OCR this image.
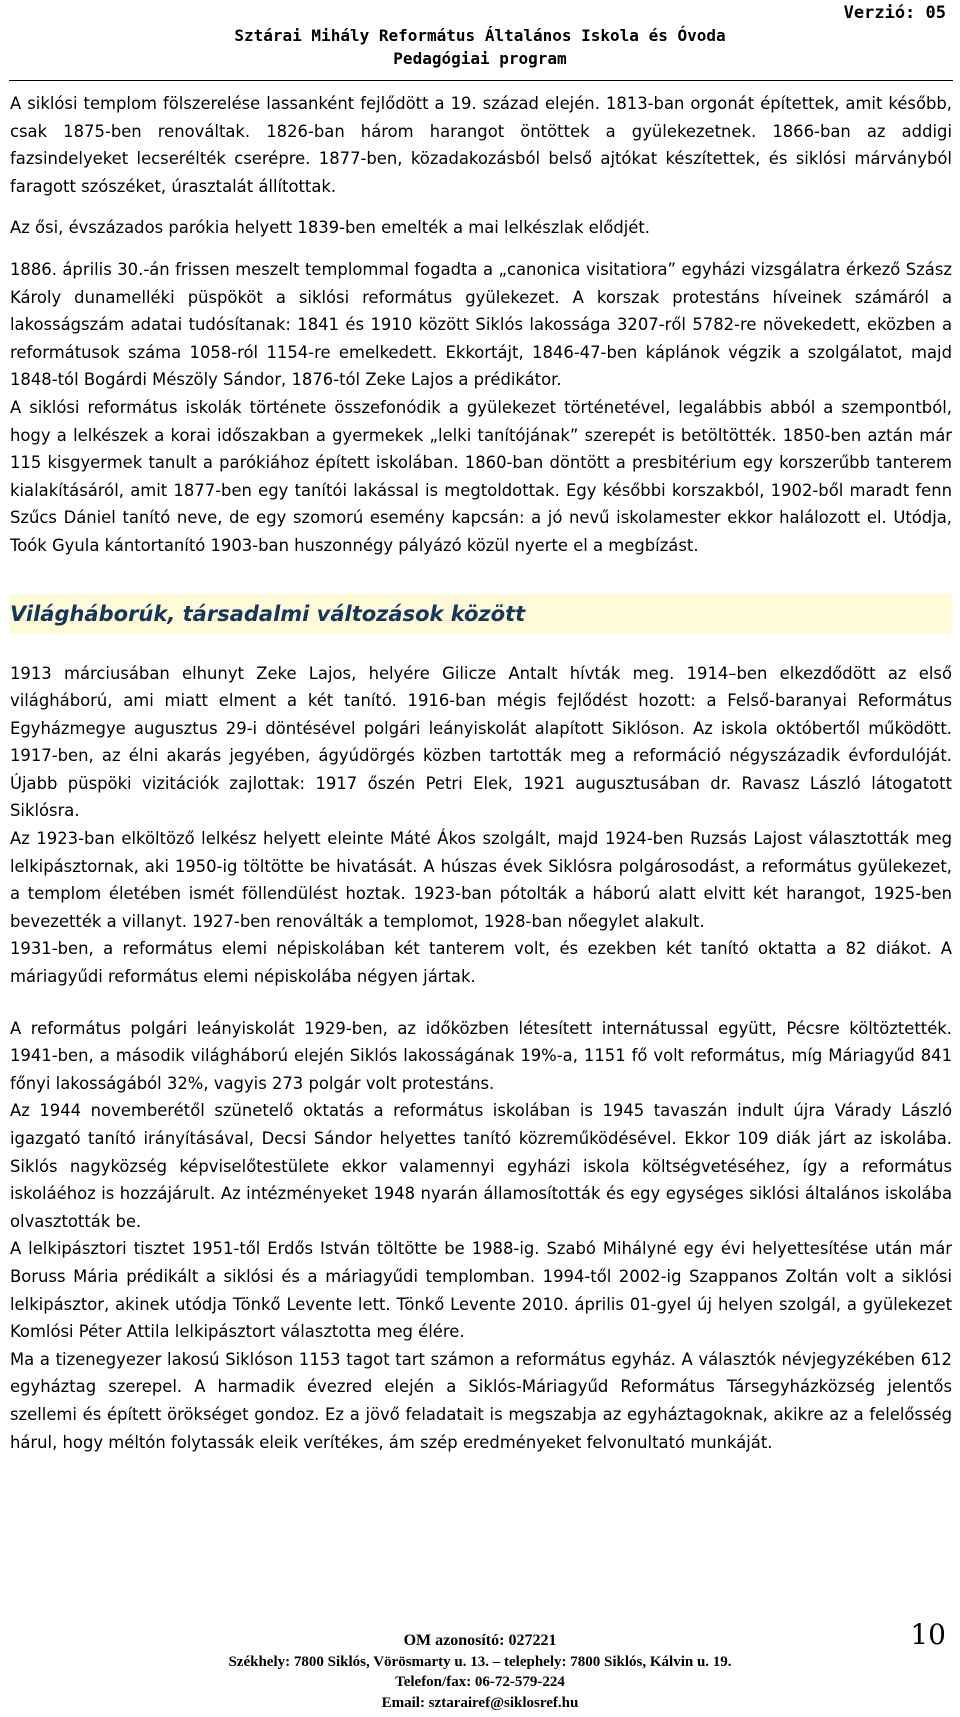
Verzió: 05
Sztárai Mihály Református Általános Iskola és Óvoda
Pedagógiai program

A siklósi templom fölszerelése lassanként fejlődött a 19. század elején. 1813-ban orgonát építettek, amit később, csak 1875-ben renováltak. 1826-ban három harangot öntöttek a gyülekezetnek. 1866-ban az addigi fazsindelyeket lecserélték cserépre. 1877-ben, közadakozásból belső ajtókat készítettek, és siklósi márványból faragott szószéket, úrasztalát állítottak.

Az ősi, évszázados parókia helyett 1839-ben emelték a mai lelkészlak elődjét.

1886. április 30.-án frissen meszelt templommal fogadta a „canonica visitatiora” egyházi vizsgálatra érkező Szász Károly dunamelléki püspököt a siklósi református gyülekezet. A korszak protestáns híveinek számáról a lakosságszám adatai tudósítanak: 1841 és 1910 között Siklós lakossága 3207-ről 5782-re növekedett, eközben a reformátusok száma 1058-ról 1154-re emelkedett. Ekkortájt, 1846-47-ben káplánok végzik a szolgálatot, majd 1848-tól Bogárdi Mészöly Sándor, 1876-tól Zeke Lajos a prédikátor.

A siklósi református iskolák története összefonódik a gyülekezet történetével, legalábbis abból a szempontból, hogy a lelkészek a korai időszakban a gyermekek „lelki tanítójának” szerepét is betöltötték. 1850-ben aztán már 115 kisgyermek tanult a parókiához épített iskolában. 1860-ban döntött a presbitérium egy korszerűbb tanterem kialakításáról, amit 1877-ben egy tanítói lakással is megtoldottak. Egy későbbi korszakból, 1902-ből maradt fenn Szűcs Dániel tanító neve, de egy szomorú esemény kapcsán: a jó nevű iskolamester ekkor halálozott el. Utódja, Toók Gyula kántortanító 1903-ban huszonnégy pályázó közül nyerte el a megbízást.

Világháborúk, társadalmi változások között

1913 márciusában elhunyt Zeke Lajos, helyére Gilicze Antalt hívták meg. 1914–ben elkezdődött az első világháború, ami miatt elment a két tanító. 1916-ban mégis fejlődést hozott: a Felső-baranyai Református Egyházmegye augusztus 29-i döntésével polgári leányiskolát alapított Siklóson. Az iskola októbertől működött. 1917-ben, az élni akarás jegyében, ágyúdörgés közben tartották meg a reformáció négyszázadik évfordulóját. Újabb püspöki vizitációk zajlottak: 1917 őszén Petri Elek, 1921 augusztusában dr. Ravasz László látogatott Siklósra.

Az 1923-ban elköltöző lelkész helyett eleinte Máté Ákos szolgált, majd 1924-ben Ruzsás Lajost választották meg lelkipásztornak, aki 1950-ig töltötte be hivatását. A húszas évek Siklósra polgárosodást, a református gyülekezet, a templom életében ismét föllendülést hoztak. 1923-ban pótolták a háború alatt elvitt két harangot, 1925-ben bevezették a villanyt. 1927-ben renoválták a templomot, 1928-ban nőegylet alakult.

1931-ben, a református elemi népiskolában két tanterem volt, és ezekben két tanító oktatta a 82 diákot. A máriagyűdi református elemi népiskolába négyen jártak.

A református polgári leányiskolát 1929-ben, az időközben létesített internátussal együtt, Pécsre költöztették. 1941-ben, a második világháború elején Siklós lakosságának 19%-a, 1151 fő volt református, míg Máriagyűd 841 főnyi lakosságából 32%, vagyis 273 polgár volt protestáns.

Az 1944 novemberétől szünetelő oktatás a református iskolában is 1945 tavaszán indult újra Várady László igazgató tanító irányításával, Decsi Sándor helyettes tanító közreműködésével. Ekkor 109 diák járt az iskolába. Siklós nagyközség képviselőtestülete ekkor valamennyi egyházi iskola költségvetéséhez, így a református iskoláéhoz is hozzájárult. Az intézményeket 1948 nyarán államosították és egy egységes siklósi általános iskolába olvasztották be.

A lelkipásztori tisztet 1951-től Erdős István töltötte be 1988-ig. Szabó Mihályné egy évi helyettesítése után már Boruss Mária prédikált a siklósi és a máriagyűdi templomban. 1994-től 2002-ig Szappanos Zoltán volt a siklósi lelkipásztor, akinek utódja Tönkő Levente lett. Tönkő Levente 2010. április 01-gyel új helyen szolgál, a gyülekezet Komlósi Péter Attila lelkipásztort választotta meg élére.

Ma a tizenegyezer lakosú Siklóson 1153 tagot tart számon a református egyház. A választók névjegyzékében 612 egyháztag szerepel. A harmadik évezred elején a Siklós-Máriagyűd Református Társegyházközség jelentős szellemi és épített örökséget gondoz. Ez a jövő feladatait is megszabja az egyháztagoknak, akikre az a felelősség hárul, hogy méltón folytassák eleik verítékes, ám szép eredményeket felvonultató munkáját.

10
OM azonosító: 027221
Székhely: 7800 Siklós, Vörösmarty u. 13. – telephely: 7800 Siklós, Kálvin u. 19.
Telefon/fax: 06-72-579-224
Email: sztarairef@siklosref.hu
